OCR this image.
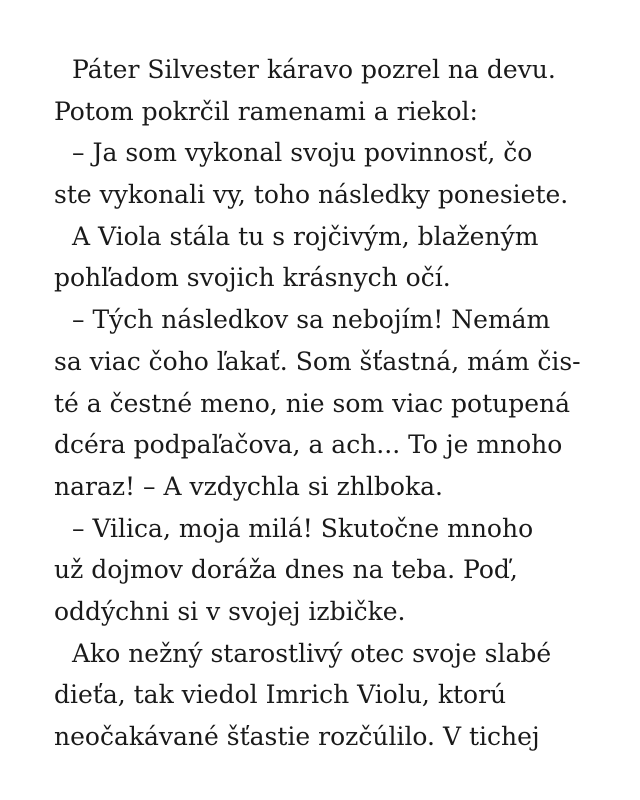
Páter Silvester káravo pozrel na devu.
Potom pokrčil ramenami a riekol:
– Ja som vykonal svoju povinnosť, čo
ste vykonali vy, toho následky ponesiete.
A Viola stála tu s rojčivým, blaženým
pohľadom svojich krásnych očí.
– Tých následkov sa nebojím! Nemám
sa viac čoho ľakať. Som šťastná, mám čis-
té a čestné meno, nie som viac potupená
dcéra podpaľačova, a ach... To je mnoho
naraz! – A vzdychla si zhlboka.
– Vilica, moja milá! Skutočne mnoho
už dojmov doráža dnes na teba. Poď,
oddýchni si v svojej izbičke.
Ako nežný starostlivý otec svoje slabé
dieťa, tak viedol Imrich Violu, ktorú
neočakávané šťastie rozčúlilo. V tichej
